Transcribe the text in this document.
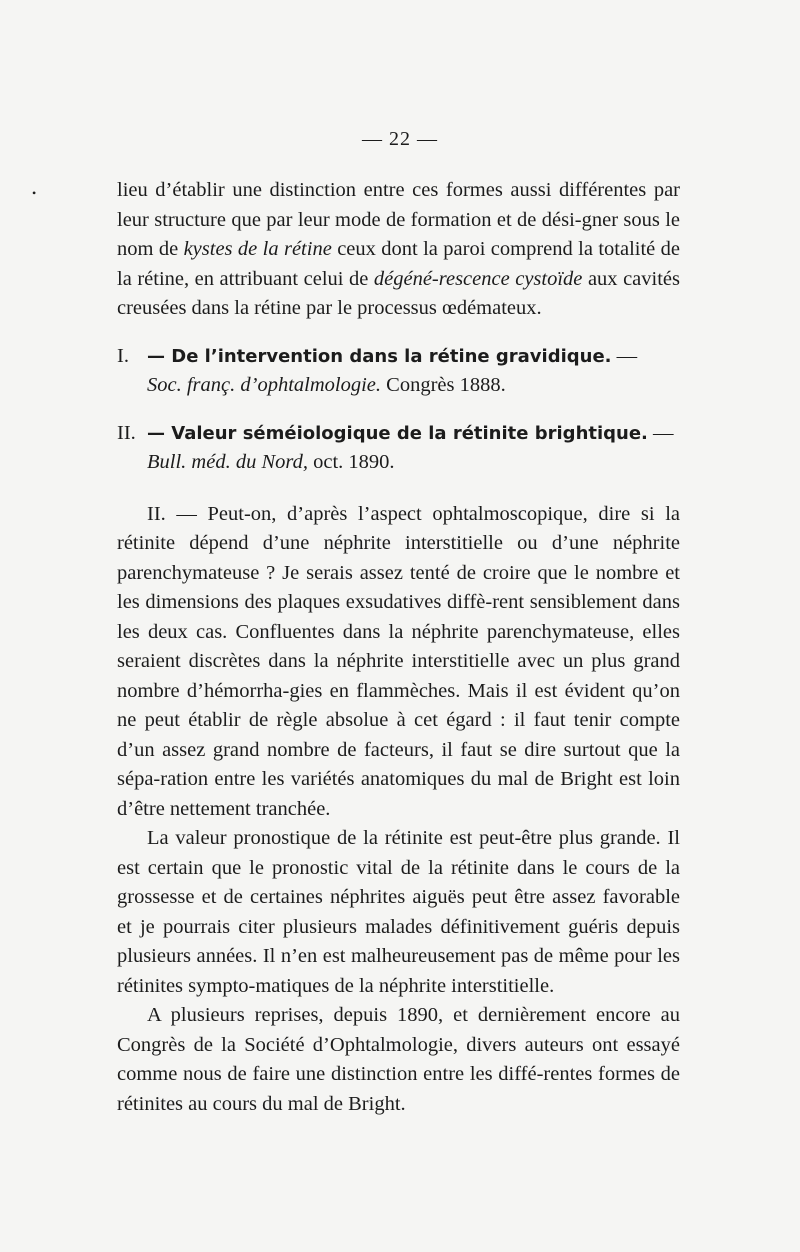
•
— 22 —

lieu d’établir une distinction entre ces formes aussi différentes par leur structure que par leur mode de formation et de dési-gner sous le nom de kystes de la rétine ceux dont la paroi comprend la totalité de la rétine, en attribuant celui de dégéné-rescence cystoïde aux cavités creusées dans la rétine par le processus œdémateux.

I. — De l’intervention dans la rétine gravidique. —
Soc. franç. d’ophtalmologie. Congrès 1888.
II. — Valeur séméiologique de la rétinite brightique. —
Bull. méd. du Nord, oct. 1890.

II. — Peut-on, d’après l’aspect ophtalmoscopique, dire si la rétinite dépend d’une néphrite interstitielle ou d’une néphrite parenchymateuse ? Je serais assez tenté de croire que le nombre et les dimensions des plaques exsudatives diffè-rent sensiblement dans les deux cas. Confluentes dans la néphrite parenchymateuse, elles seraient discrètes dans la néphrite interstitielle avec un plus grand nombre d’hémorrha-gies en flammèches. Mais il est évident qu’on ne peut établir de règle absolue à cet égard : il faut tenir compte d’un assez grand nombre de facteurs, il faut se dire surtout que la sépa-ration entre les variétés anatomiques du mal de Bright est loin d’être nettement tranchée.

La valeur pronostique de la rétinite est peut-être plus grande. Il est certain que le pronostic vital de la rétinite dans le cours de la grossesse et de certaines néphrites aiguës peut être assez favorable et je pourrais citer plusieurs malades définitivement guéris depuis plusieurs années. Il n’en est malheureusement pas de même pour les rétinites sympto-matiques de la néphrite interstitielle.

A plusieurs reprises, depuis 1890, et dernièrement encore au Congrès de la Société d’Ophtalmologie, divers auteurs ont essayé comme nous de faire une distinction entre les diffé-rentes formes de rétinites au cours du mal de Bright.
